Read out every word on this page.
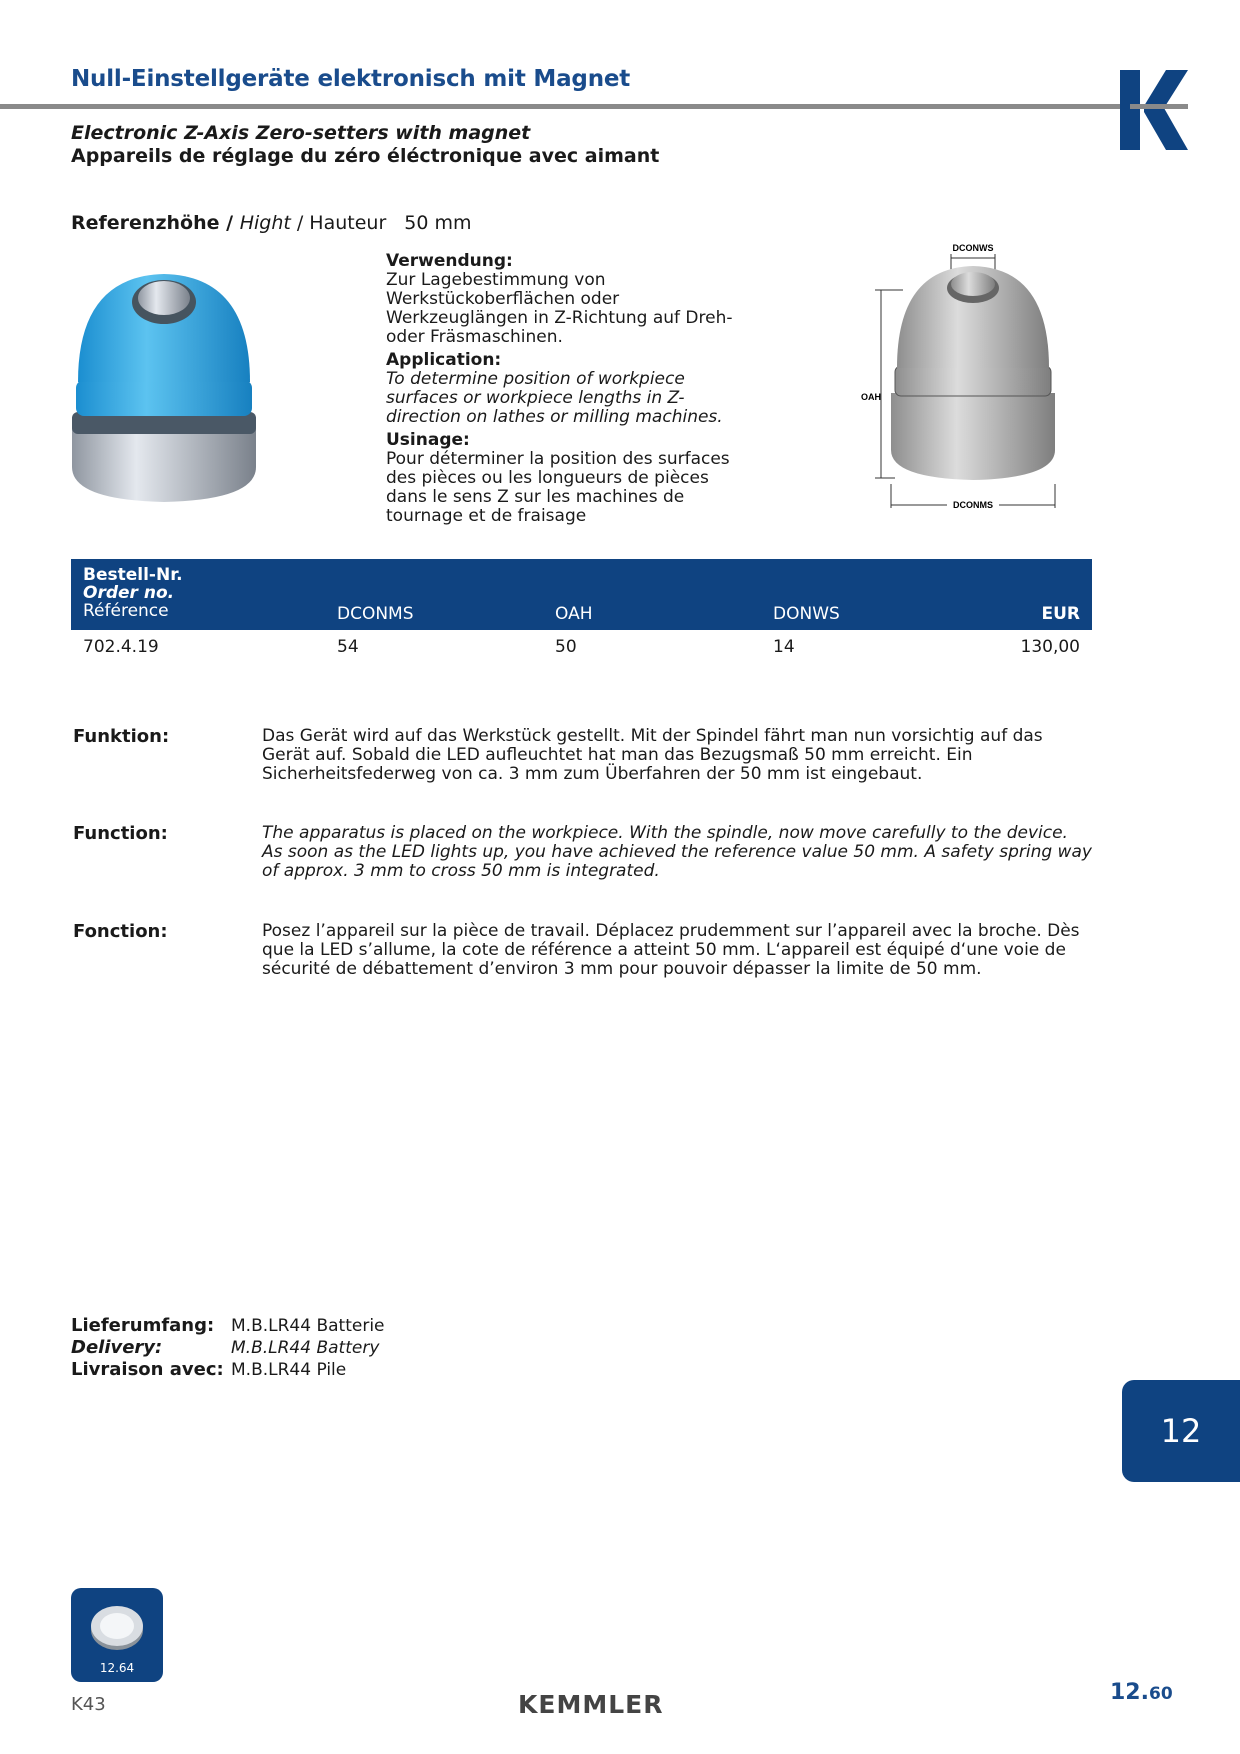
Null-Einstellgeräte elektronisch mit Magnet
Electronic Z-Axis Zero-setters with magnet
Appareils de réglage du zéro éléctronique avec aimant
Referenzhöhe / Hight / Hauteur 50 mm
Verwendung:
Zur Lagebestimmung von Werkstückoberflächen oder Werkzeuglängen in Z-Richtung auf Dreh- oder Fräsmaschinen.
Application:
To determine position of workpiece surfaces or workpiece lengths in Z-direction on lathes or milling machines.
Usinage:
Pour déterminer la position des surfaces des pièces ou les longueurs de pièces dans le sens Z sur les machines de tournage et de fraisage
DCONWS
OAH
DCONMS
Bestell-Nr.
Order no.
Référence	DCONMS	OAH	DONWS	EUR
702.4.19	54	50	14	130,00
Funktion:	Das Gerät wird auf das Werkstück gestellt. Mit der Spindel fährt man nun vorsichtig auf das Gerät auf. Sobald die LED aufleuchtet hat man das Bezugsmaß 50 mm erreicht. Ein Sicherheitsfederweg von ca. 3 mm zum Überfahren der 50 mm ist eingebaut.
Function:	The apparatus is placed on the workpiece. With the spindle, now move carefully to the device. As soon as the LED lights up, you have achieved the reference value 50 mm. A safety spring way of approx. 3 mm to cross 50 mm is integrated.
Fonction:	Posez l’appareil sur la pièce de travail. Déplacez prudemment sur l’appareil avec la broche. Dès que la LED s’allume, la cote de référence a atteint 50 mm. L‘appareil est équipé d‘une voie de sécurité de débattement d’environ 3 mm pour pouvoir dépasser la limite de 50 mm.
Lieferumfang: M.B.LR44 Batterie
Delivery:	M.B.LR44 Battery
Livraison avec: M.B.LR44 Pile
12
12.64
K43	KEMMLER	12.60
